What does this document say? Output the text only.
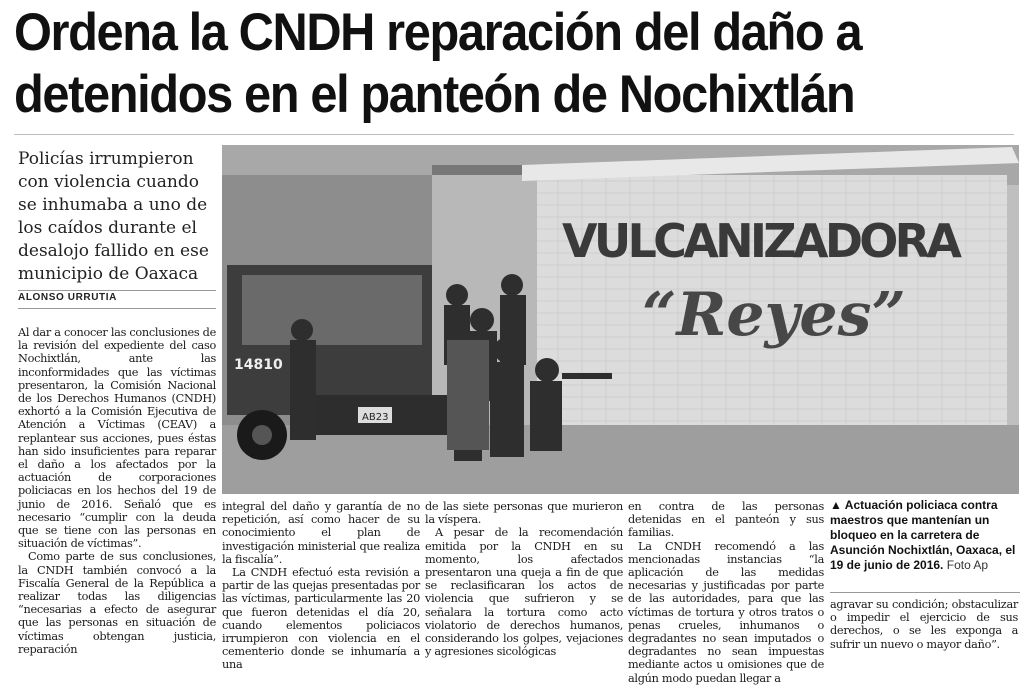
Ordena la CNDH reparación del daño a
detenidos en el panteón de Nochixtlán
Policías irrumpieron con violencia cuando se inhumaba a uno de los caídos durante el desalojo fallido en ese municipio de Oaxaca
ALONSO URRUTIA

Al dar a conocer las conclusiones de la revisión del expediente del caso Nochixtlán, ante las inconformidades que las víctimas presentaron, la Comisión Nacional de los Derechos Humanos (CNDH) exhortó a la Comisión Ejecutiva de Atención a Víctimas (CEAV) a replantear sus acciones, pues éstas han sido insuficientes para reparar el daño a los afectados por la actuación de corporaciones policiacas en los hechos del 19 de junio de 2016. Señaló que es necesario “cumplir con la deuda que se tiene con las personas en situación de víctimas”.

Como parte de sus conclusiones, la CNDH también convocó a la Fiscalía General de la República a realizar todas las diligencias “necesarias a efecto de asegurar que las personas en situación de víctimas obtengan justicia, reparación

VULCANIZADORA
“Reyes”
14810
AB23

integral del daño y garantía de no repetición, así como hacer de su conocimiento el plan de investigación ministerial que realiza la fiscalía”.

La CNDH efectuó esta revisión a partir de las quejas presentadas por las víctimas, particularmente las 20 que fueron detenidas el día 20, cuando elementos policiacos irrumpieron con violencia en el cementerio donde se inhumaría a una

de las siete personas que murieron la víspera.

A pesar de la recomendación emitida por la CNDH en su momento, los afectados presentaron una queja a fin de que se reclasificaran los actos de violencia que sufrieron y se señalara la tortura como acto violatorio de derechos humanos, considerando los golpes, vejaciones y agresiones sicológicas

en contra de las personas detenidas en el panteón y sus familias.

La CNDH recomendó a las mencionadas instancias “la aplicación de las medidas necesarias y justificadas por parte de las autoridades, para que las víctimas de tortura y otros tratos o penas crueles, inhumanos o degradantes no sean imputados o degradantes no sean impuestas mediante actos u omisiones que de algún modo puedan llegar a

▲ Actuación policiaca contra maestros que mantenían un bloqueo en la carretera de Asunción Nochixtlán, Oaxaca, el 19 de junio de 2016. Foto Ap

agravar su condición; obstaculizar o impedir el ejercicio de sus derechos, o se les exponga a sufrir un nuevo o mayor daño”.
